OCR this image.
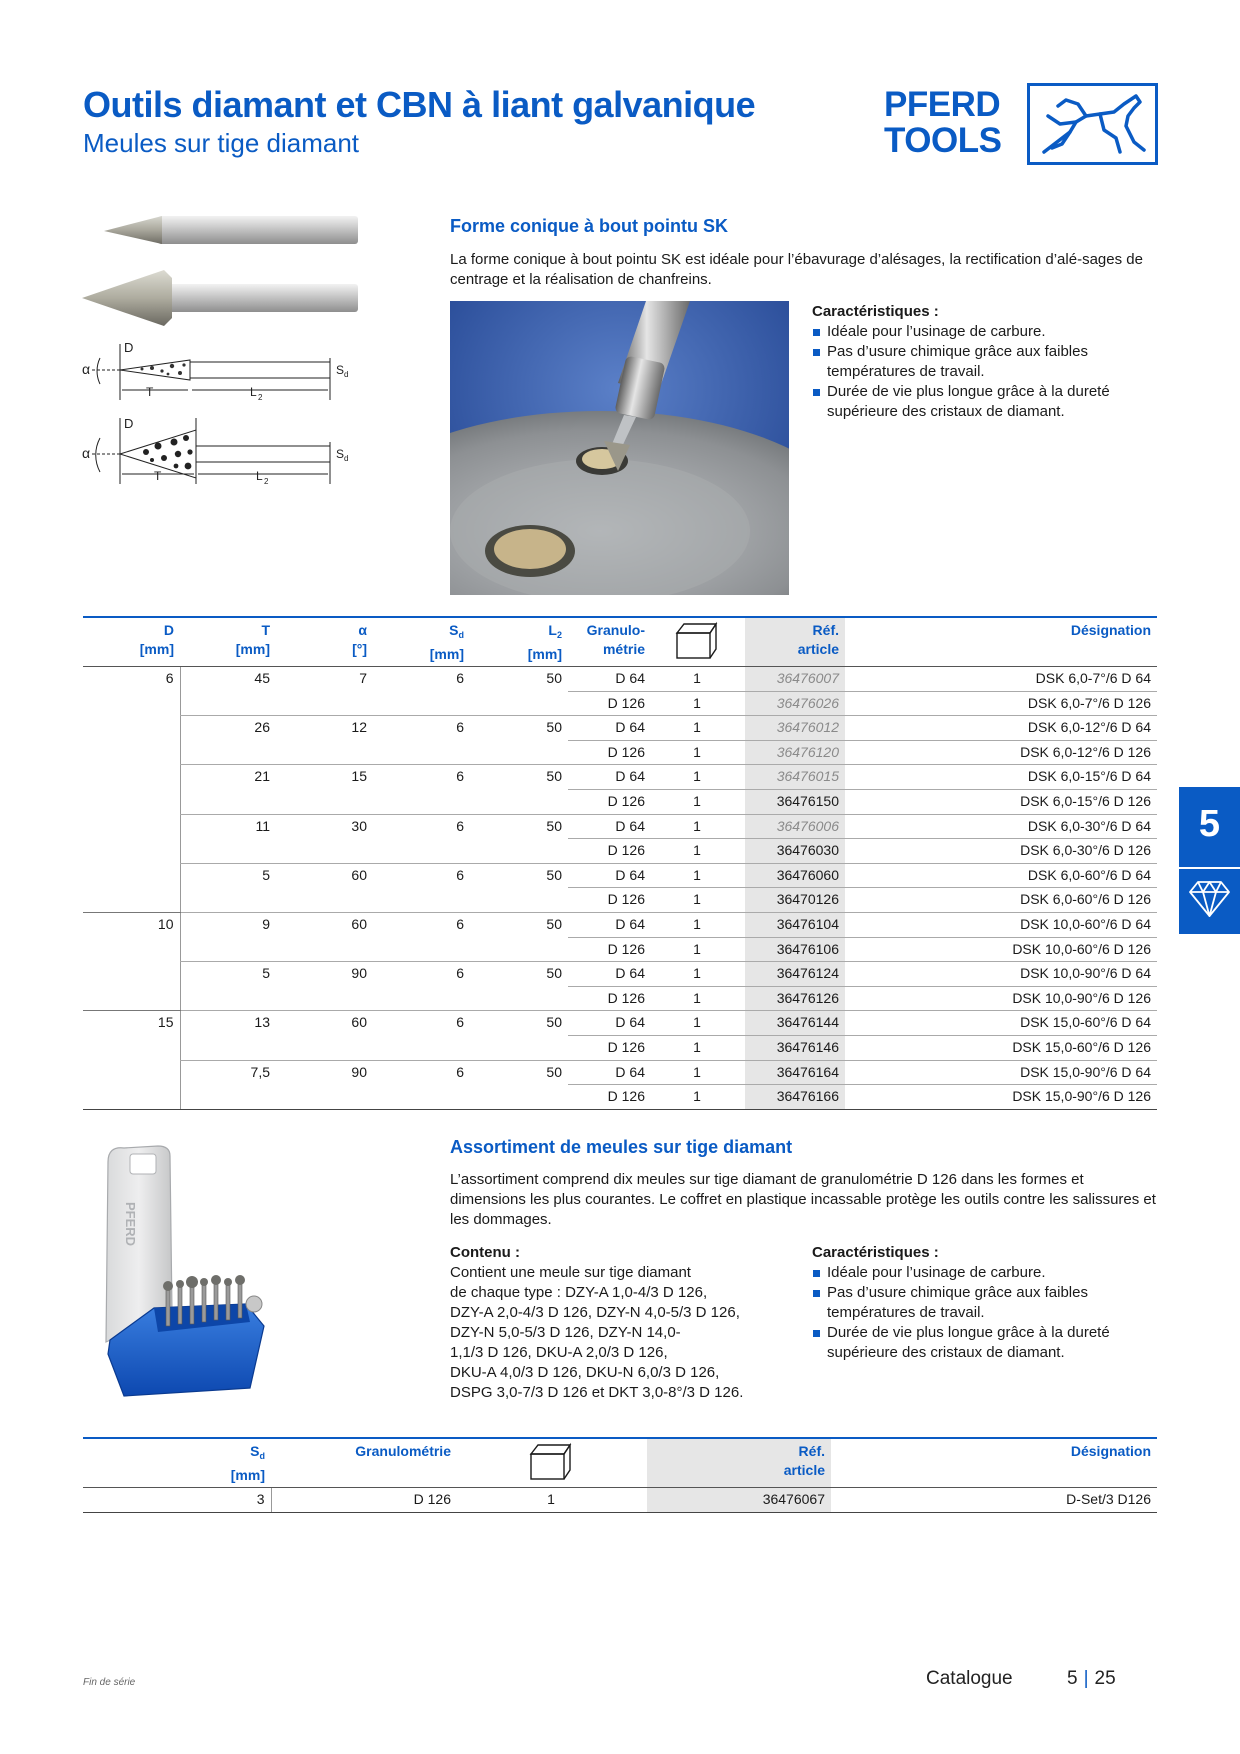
Outils diamant et CBN à liant galvanique
Meules sur tige diamant
PFERD
TOOLS
D
α
T	L 2
S d
D
α
T	L 2
S d
Forme conique à bout pointu SK
La forme conique à bout pointu SK est idéale pour l’ébavurage d’alésages, la rectification d’alé-sages de centrage et la réalisation de chanfreins.
Caractéristiques :
Idéale pour l’usinage de carbure.
Pas d’usure chimique grâce aux faibles températures de travail.
Durée de vie plus longue grâce à la dureté supérieure des cristaux de diamant.
D
[mm]	T
[mm]	α
[°]	$S_d$
[mm]	$L_2$
[mm]	Granulo-
métrie		Réf.
article	Désignation
6	45	7	6	50	D 64	1	36476007	DSK 6,0-7°/6 D 64
					D 126	1	36476026	DSK 6,0-7°/6 D 126
	26	12	6	50	D 64	1	36476012	DSK 6,0-12°/6 D 64
					D 126	1	36476120	DSK 6,0-12°/6 D 126
	21	15	6	50	D 64	1	36476015	DSK 6,0-15°/6 D 64
					D 126	1	36476150	DSK 6,0-15°/6 D 126
	11	30	6	50	D 64	1	36476006	DSK 6,0-30°/6 D 64
					D 126	1	36476030	DSK 6,0-30°/6 D 126
	5	60	6	50	D 64	1	36476060	DSK 6,0-60°/6 D 64
					D 126	1	36470126	DSK 6,0-60°/6 D 126
10	9	60	6	50	D 64	1	36476104	DSK 10,0-60°/6 D 64
					D 126	1	36476106	DSK 10,0-60°/6 D 126
	5	90	6	50	D 64	1	36476124	DSK 10,0-90°/6 D 64
					D 126	1	36476126	DSK 10,0-90°/6 D 126
15	13	60	6	50	D 64	1	36476144	DSK 15,0-60°/6 D 64
					D 126	1	36476146	DSK 15,0-60°/6 D 126
	7,5	90	6	50	D 64	1	36476164	DSK 15,0-90°/6 D 64
					D 126	1	36476166	DSK 15,0-90°/6 D 126
PFERD
Assortiment de meules sur tige diamant
L’assortiment comprend dix meules sur tige diamant de granulométrie D 126 dans les formes et dimensions les plus courantes. Le coffret en plastique incassable protège les outils contre les salissures et les dommages.
Contenu :
Contient une meule sur tige diamant
de chaque type : DZY-A 1,0-4/3 D 126,
DZY-A 2,0-4/3 D 126, DZY-N 4,0-5/3 D 126,
DZY-N 5,0-5/3 D 126, DZY-N 14,0-
1,1/3 D 126, DKU-A 2,0/3 D 126,
DKU-A 4,0/3 D 126, DKU-N 6,0/3 D 126,
DSPG 3,0-7/3 D 126 et DKT 3,0-8°/3 D 126.
Caractéristiques :
Idéale pour l’usinage de carbure.
Pas d’usure chimique grâce aux faibles températures de travail.
Durée de vie plus longue grâce à la dureté supérieure des cristaux de diamant.
$S_d$
[mm]	Granulométrie		Réf.
article	Désignation
3	D 126	1	36476067	D-Set/3 D126
5
Fin de série	Catalogue	5 | 25
